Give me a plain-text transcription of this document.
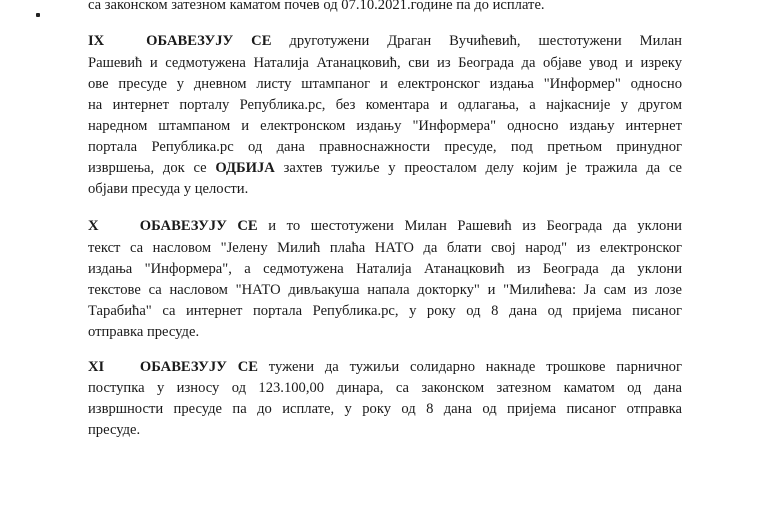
са законском затезном каматом почев од 07.10.2021.године па до исплате.
IX	ОБАВЕЗУЈУ СЕ друготужени Драган Вучићевић, шестотужени Милан
Рашевић и седмотужена Наталија Атанацковић, сви из Београда да објаве увод и изреку
ове пресуде у дневном листу штампаног и електронског издања "Информер" односно
на интернет порталу Република.рс, без коментара и одлагања, а најкасније у другом
наредном штампаном и електронском издању "Информера" односно издању интернет
портала Република.рс од дана правноснажности пресуде, под претњом принудног
извршења, док се ОДБИЈА захтев тужиље у преосталом делу којим је тражила да се
објави пресуда у целости.
X	ОБАВЕЗУЈУ СЕ и то шестотужени Милан Рашевић из Београда да уклони
текст са насловом "Јелену Милић плаћа НАТО да блати свој народ" из електронског
издања "Информера", а седмотужена Наталија Атанацковић из Београда да уклони
текстове са насловом "НАТО дивљакуша напала докторку" и "Милићева: Ја сам из лозе
Тарабића" са интернет портала Република.рс, у року од 8 дана од пријема писаног
отправка пресуде.
XI ОБАВЕЗУЈУ СЕ тужени да тужиљи солидарно накнаде трошкове парничног
поступка у износу од 123.100,00 динара, са законском затезном каматом од дана
извршности пресуде па до исплате, у року од 8 дана од пријема писаног отправка
пресуде.
